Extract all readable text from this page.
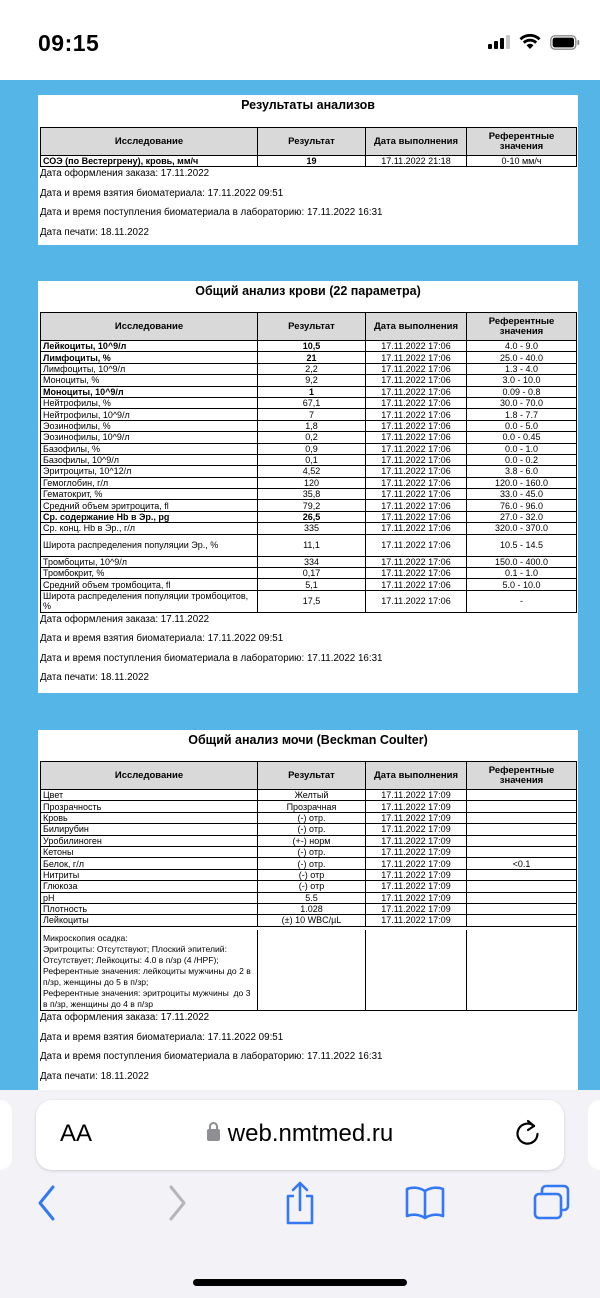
09:15
Результаты анализов
Исследование	Результат	Дата выполнения	Референтные значения
СОЭ (по Вестергрену), кровь, мм/ч	19	17.11.2022 21:18	0-10 мм/ч
Дата оформления заказа: 17.11.2022
Дата и время взятия биоматериала: 17.11.2022 09:51
Дата и время поступления биоматериала в лабораторию: 17.11.2022 16:31
Дата печати: 18.11.2022
Общий анализ крови (22 параметра)
Исследование	Результат	Дата выполнения	Референтные значения
Лейкоциты, 10^9/л	10,5	17.11.2022 17:06	4.0 - 9.0
Лимфоциты, %	21	17.11.2022 17:06	25.0 - 40.0
Лимфоциты, 10^9/л	2,2	17.11.2022 17:06	1.3 - 4.0
Моноциты, %	9,2	17.11.2022 17:06	3.0 - 10.0
Моноциты, 10^9/л	1	17.11.2022 17:06	0.09 - 0.8
Нейтрофилы, %	67,1	17.11.2022 17:06	30.0 - 70.0
Нейтрофилы, 10^9/л	7	17.11.2022 17:06	1.8 - 7.7
Эозинофилы, %	1,8	17.11.2022 17:06	0.0 - 5.0
Эозинофилы, 10^9/л	0,2	17.11.2022 17:06	0.0 - 0.45
Базофилы, %	0,9	17.11.2022 17:06	0.0 - 1.0
Базофилы, 10^9/л	0,1	17.11.2022 17:06	0.0 - 0.2
Эритроциты, 10^12/л	4,52	17.11.2022 17:06	3.8 - 6.0
Гемоглобин, г/л	120	17.11.2022 17:06	120.0 - 160.0
Гематокрит, %	35,8	17.11.2022 17:06	33.0 - 45.0
Средний объем эритроцита, fl	79,2	17.11.2022 17:06	76.0 - 96.0
Ср. содержание Hb в Эр., pg	26,5	17.11.2022 17:06	27.0 - 32.0
Ср. конц. Hb в Эр., г/л	335	17.11.2022 17:06	320.0 - 370.0
Широта распределения популяции Эр., %	11,1	17.11.2022 17:06	10.5 - 14.5
Тромбоциты, 10^9/л	334	17.11.2022 17:06	150.0 - 400.0
Тромбокрит, %	0,17	17.11.2022 17:06	0.1 - 1.0
Средний объем тромбоцита, fl	5,1	17.11.2022 17:06	5.0 - 10.0
Широта распределения популяции тромбоцитов, %	17,5	17.11.2022 17:06	-
Дата оформления заказа: 17.11.2022
Дата и время взятия биоматериала: 17.11.2022 09:51
Дата и время поступления биоматериала в лабораторию: 17.11.2022 16:31
Дата печати: 18.11.2022
Общий анализ мочи (Beckman Coulter)
Исследование	Результат	Дата выполнения	Референтные значения
Цвет	Желтый	17.11.2022 17:09	
Прозрачность	Прозрачная	17.11.2022 17:09	
Кровь	(-) отр.	17.11.2022 17:09	
Билирубин	(-) отр.	17.11.2022 17:09	
Уробилиноген	(+-) норм	17.11.2022 17:09	
Кетоны	(-) отр.	17.11.2022 17:09	
Белок, г/л	(-) отр.	17.11.2022 17:09	<0.1
Нитриты	(-) отр	17.11.2022 17:09	
Глюкоза	(-) отр	17.11.2022 17:09	
pH	5.5	17.11.2022 17:09	
Плотность	1.028	17.11.2022 17:09	
Лейкоциты	(±) 10 WBC/µL	17.11.2022 17:09	

Микроскопия осадка:
Эритроциты: Отсутствуют; Плоский эпителий: Отсутствует; Лейкоциты: 4.0 в п/зр (4 /HPF);
Референтные значения: лейкоциты мужчины до 2 в п/зр, женщины до 5 в п/зр;
Референтные значения: эритроциты мужчины  до 3 в п/зр, женщины до 4 в п/зр			
Дата оформления заказа: 17.11.2022
Дата и время взятия биоматериала: 17.11.2022 09:51
Дата и время поступления биоматериала в лабораторию: 17.11.2022 16:31
Дата печати: 18.11.2022
AA	web.nmtmed.ru
